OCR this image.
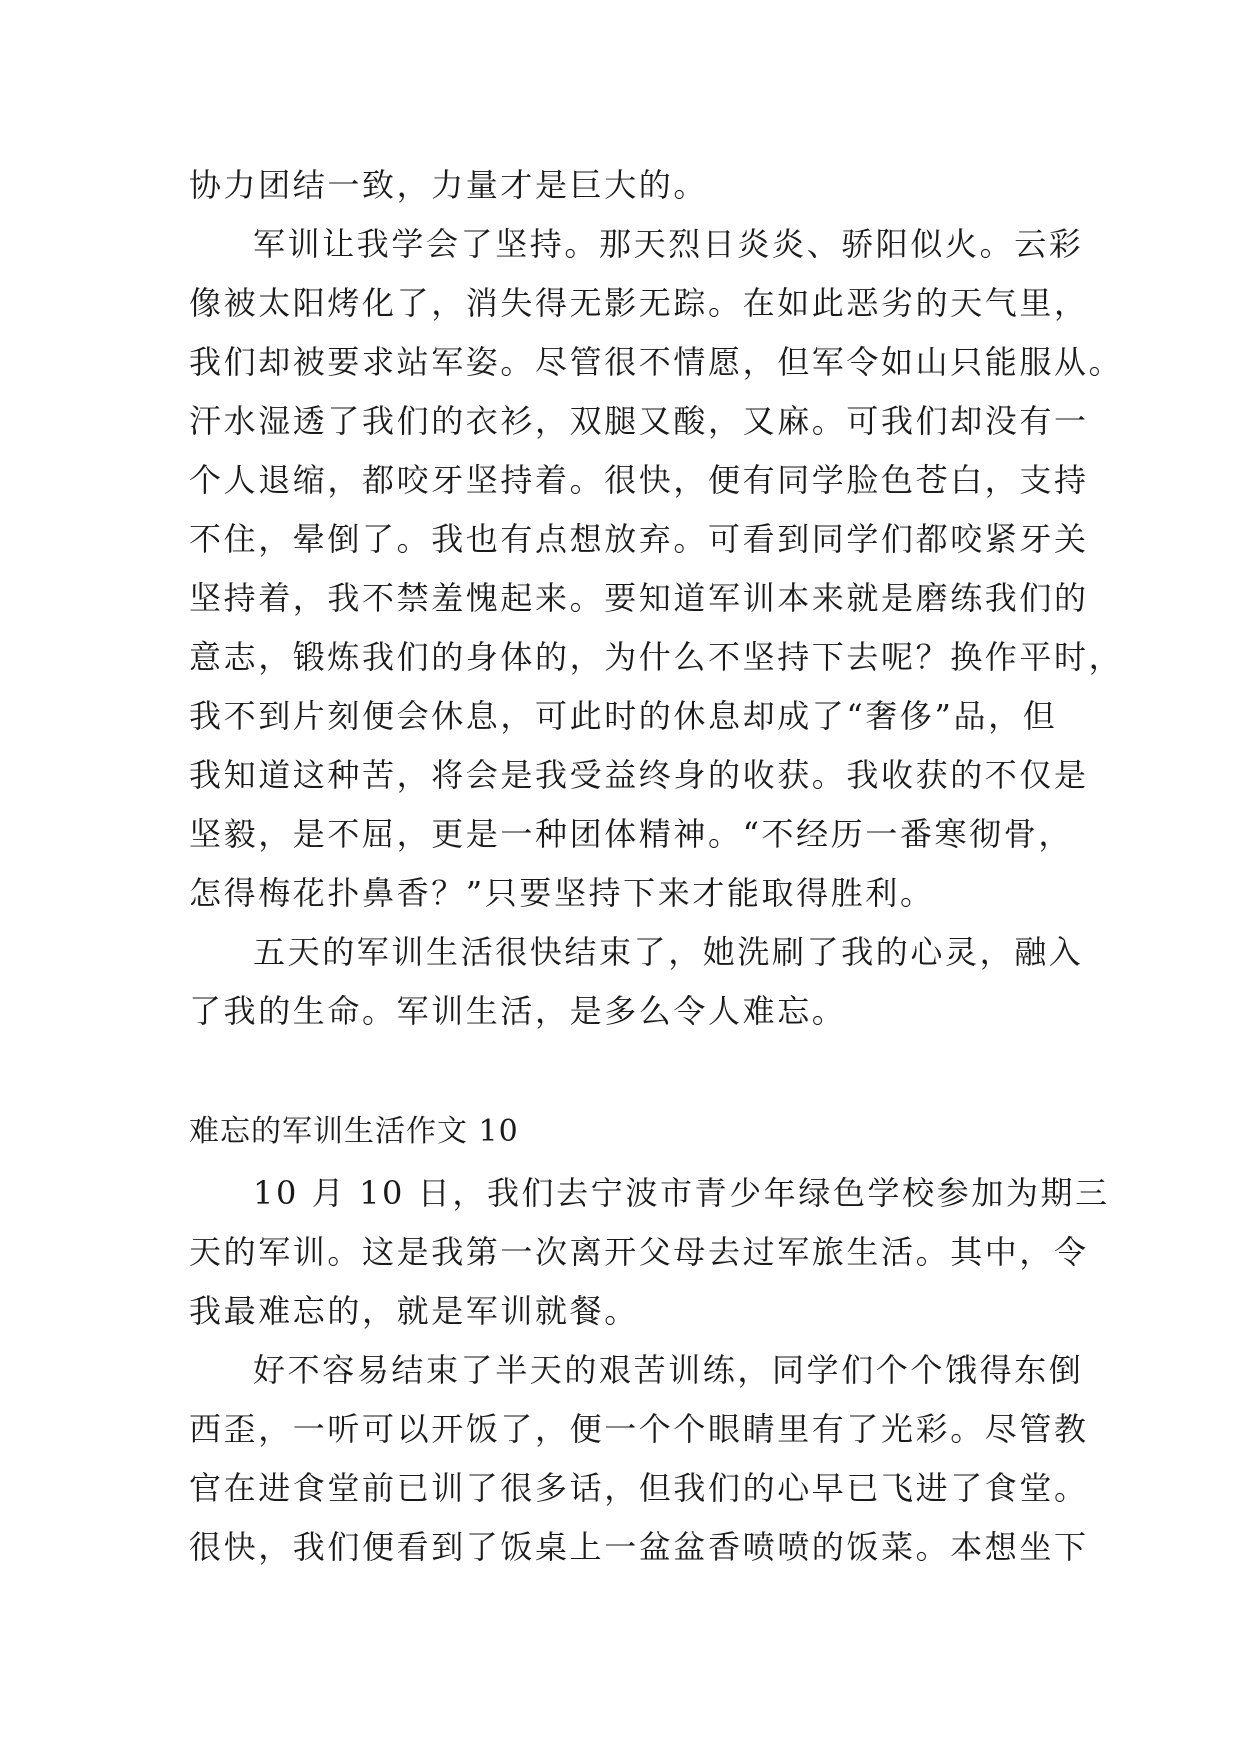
协力团结一致，力量才是巨大的。
军训让我学会了坚持。那天烈日炎炎、骄阳似火。云彩
像被太阳烤化了，消失得无影无踪。在如此恶劣的天气里，
我们却被要求站军姿。尽管很不情愿，但军令如山只能服从。
汗水湿透了我们的衣衫，双腿又酸，又麻。可我们却没有一
个人退缩，都咬牙坚持着。很快，便有同学脸色苍白，支持
不住，晕倒了。我也有点想放弃。可看到同学们都咬紧牙关
坚持着，我不禁羞愧起来。要知道军训本来就是磨练我们的
意志，锻炼我们的身体的，为什么不坚持下去呢？换作平时，
我不到片刻便会休息，可此时的休息却成了“奢侈”品，但
我知道这种苦，将会是我受益终身的收获。我收获的不仅是
坚毅，是不屈，更是一种团体精神。“不经历一番寒彻骨，
怎得梅花扑鼻香？”只要坚持下来才能取得胜利。
五天的军训生活很快结束了，她洗刷了我的心灵，融入
了我的生命。军训生活，是多么令人难忘。
难忘的军训生活作文 10
10 月 10 日，我们去宁波市青少年绿色学校参加为期三
天的军训。这是我第一次离开父母去过军旅生活。其中，令
我最难忘的，就是军训就餐。
好不容易结束了半天的艰苦训练，同学们个个饿得东倒
西歪，一听可以开饭了，便一个个眼睛里有了光彩。尽管教
官在进食堂前已训了很多话，但我们的心早已飞进了食堂。
很快，我们便看到了饭桌上一盆盆香喷喷的饭菜。本想坐下
